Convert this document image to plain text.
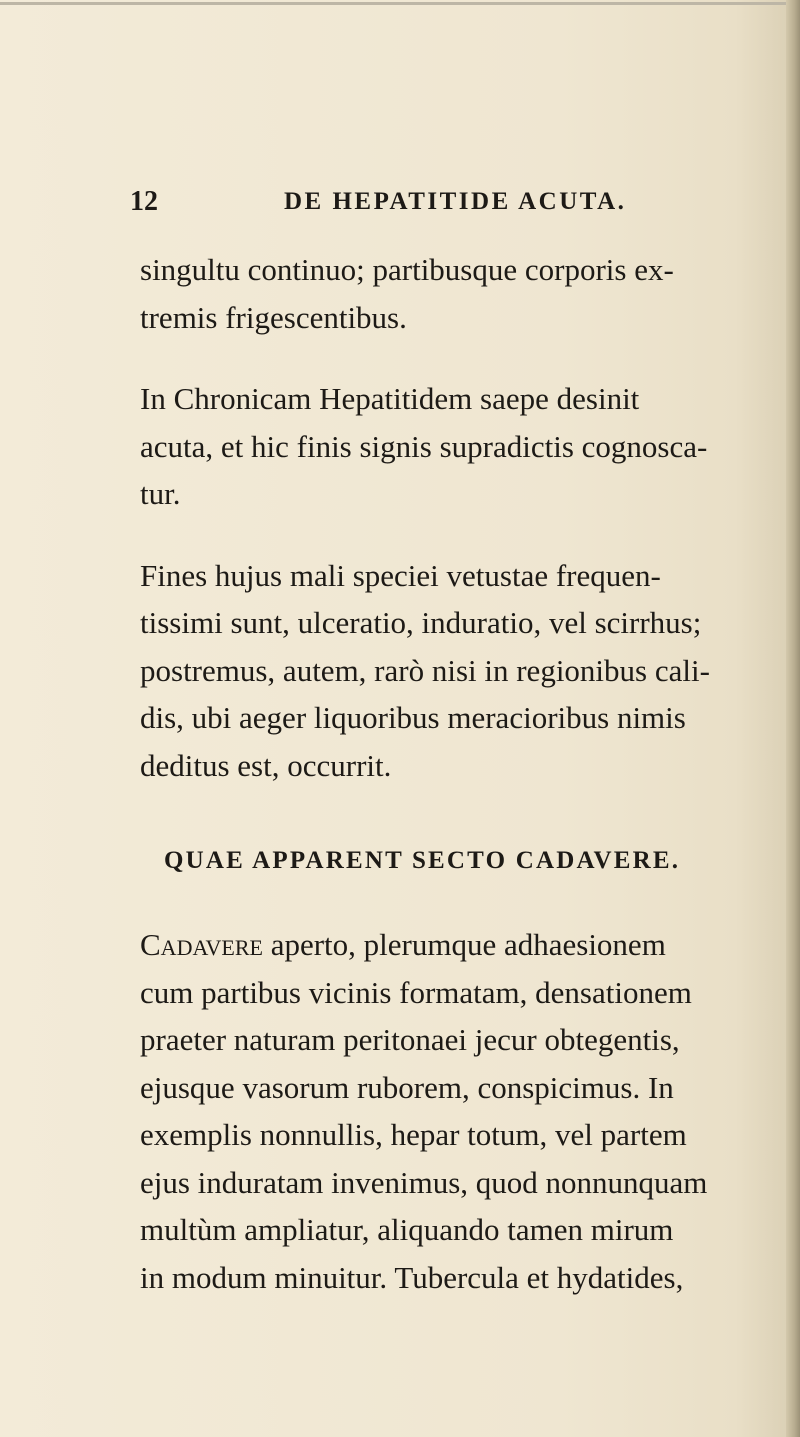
12	DE HEPATITIDE ACUTA.
singultu continuo; partibusque corporis ex-
tremis frigescentibus.
In Chronicam Hepatitidem saepe desinit
acuta, et hic finis signis supradictis cognosca-
tur.
Fines hujus mali speciei vetustae frequen-
tissimi sunt, ulceratio, induratio, vel scirrhus;
postremus, autem, rarò nisi in regionibus cali-
dis, ubi aeger liquoribus meracioribus nimis
deditus est, occurrit.
QUAE APPARENT SECTO CADAVERE.
Cadavere aperto, plerumque adhaesionem
cum partibus vicinis formatam, densationem
praeter naturam peritonaei jecur obtegentis,
ejusque vasorum ruborem, conspicimus. In
exemplis nonnullis, hepar totum, vel partem
ejus induratam invenimus, quod nonnunquam
multùm ampliatur, aliquando tamen mirum
in modum minuitur. Tubercula et hydatides,
